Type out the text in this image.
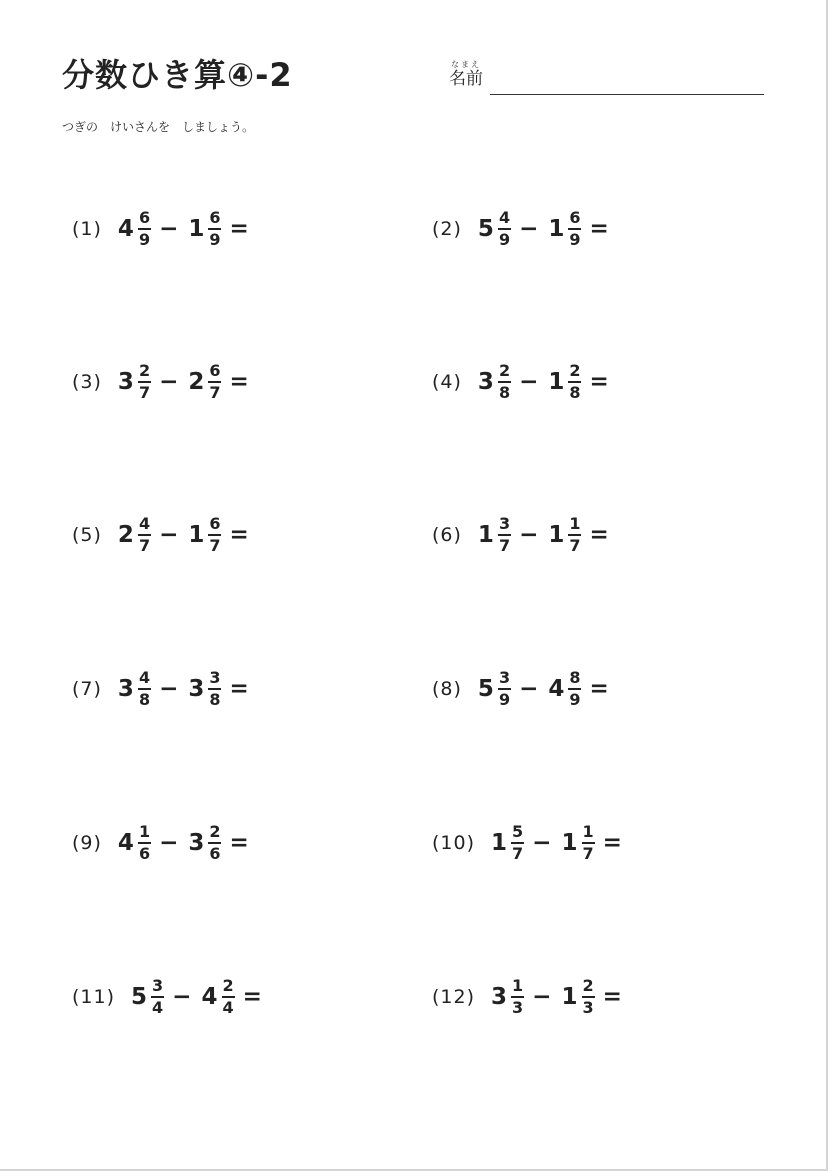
分数ひき算④-2	なまえ
名前
つぎの　けいさんを　しましょう。
(1) $4 \frac{6}{9} - 1 \frac{6}{9}$ =	(2) $5 \frac{4}{9} - 1 \frac{6}{9}$ =
(3) $3 \frac{2}{7} - 2 \frac{6}{7}$ =	(4) $3 \frac{2}{8} - 1 \frac{2}{8}$ =
(5) $2 \frac{4}{7} - 1 \frac{6}{7}$ =	(6) $1 \frac{3}{7} - 1 \frac{1}{7}$ =
(7) $3 \frac{4}{8} - 3 \frac{3}{8}$ =	(8) $5 \frac{3}{9} - 4 \frac{8}{9}$ =
(9) $4 \frac{1}{6} - 3 \frac{2}{6}$ =	(10) $1 \frac{5}{7} - 1 \frac{1}{7}$ =
(11) $5 \frac{3}{4} - 4 \frac{2}{4}$ =	(12) $3 \frac{1}{3} - 1 \frac{2}{3}$ =
